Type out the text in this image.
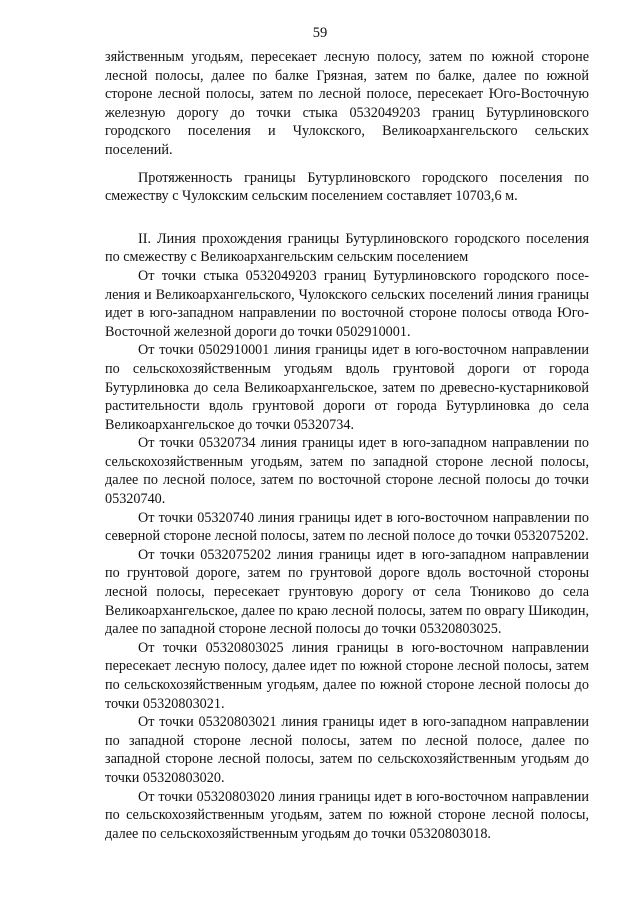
59

зяйственным угодьям, пересекает лесную полосу, затем по южной стороне лесной полосы, далее по балке Грязная, затем по балке, далее по южной стороне лесной полосы, затем по лесной полосе, пересекает Юго-Восточную железную дорогу до точки стыка 0532049203 границ Бутурлиновского городского поселения и Чулокского, Великоархангельского сельских поселений.

Протяженность границы Бутурлиновского городского поселения по смежеству с Чулокским сельским поселением составляет 10703,6 м.

II. Линия прохождения границы Бутурлиновского городского поселения по смежеству с Великоархангельским сельским поселением

От точки стыка 0532049203 границ Бутурлиновского городского поселения и Великоархангельского, Чулокского сельских поселений линия границы идет в юго-западном направлении по восточной стороне полосы отвода Юго-Восточной железной дороги до точки 0502910001.

От точки 0502910001 линия границы идет в юго-восточном направлении по сельскохозяйственным угодьям вдоль грунтовой дороги от города Бутурлиновка до села Великоархангельское, затем по древесно-кустарниковой растительности вдоль грунтовой дороги от города Бутурлиновка до села Великоархангельское до точки 05320734.

От точки 05320734 линия границы идет в юго-западном направлении по сельскохозяйственным угодьям, затем по западной стороне лесной полосы, далее по лесной полосе, затем по восточной стороне лесной полосы до точки 05320740.

От точки 05320740 линия границы идет в юго-восточном направлении по северной стороне лесной полосы, затем по лесной полосе до точки 0532075202.

От точки 0532075202 линия границы идет в юго-западном направлении по грунтовой дороге, затем по грунтовой дороге вдоль восточной стороны лесной полосы, пересекает грунтовую дорогу от села Тюниково до села Великоархангельское, далее по краю лесной полосы, затем по оврагу Шикодин, далее по западной стороне лесной полосы до точки 05320803025.

От точки 05320803025 линия границы в юго-восточном направлении пересекает лесную полосу, далее идет по южной стороне лесной полосы, затем по сельскохозяйственным угодьям, далее по южной стороне лесной полосы до точки 05320803021.

От точки 05320803021 линия границы идет в юго-западном направлении по западной стороне лесной полосы, затем по лесной полосе, далее по западной стороне лесной полосы, затем по сельскохозяйственным угодьям до точки 05320803020.

От точки 05320803020 линия границы идет в юго-восточном направлении по сельскохозяйственным угодьям, затем по южной стороне лесной полосы, далее по сельскохозяйственным угодьям до точки 05320803018.
